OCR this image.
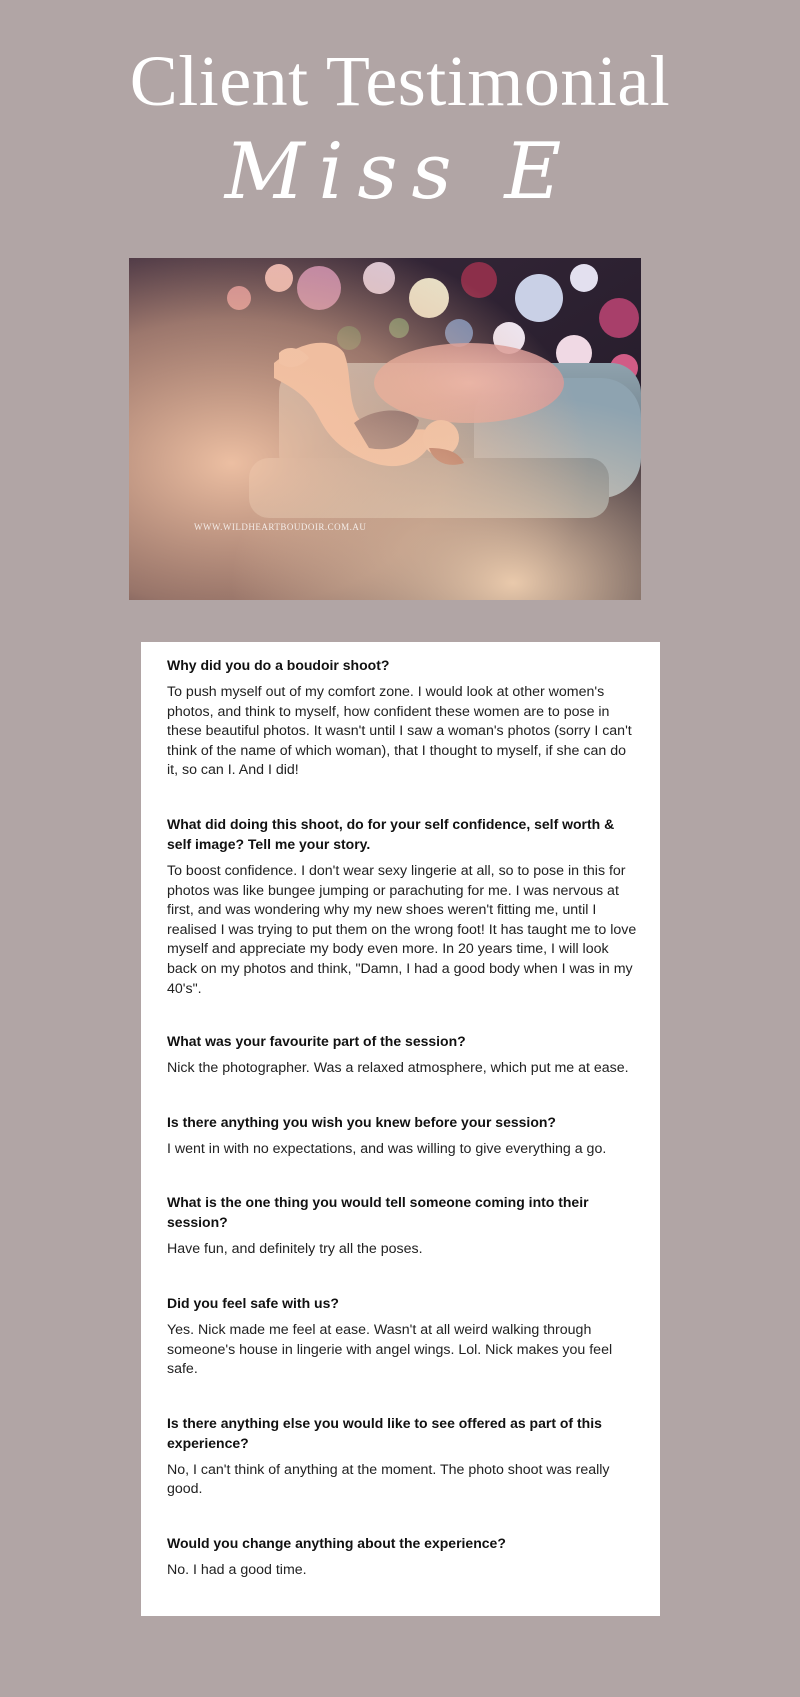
Client Testimonial
Miss E
WWW.WILDHEARTBOUDOIR.COM.AU
Why did you do a boudoir shoot?
To push myself out of my comfort zone. I would look at other women's photos, and think to myself, how confident these women are to pose in these beautiful photos. It wasn't until I saw a woman's photos (sorry I can't think of the name of which woman), that I thought to myself, if she can do it, so can I. And I did!
What did doing this shoot, do for your self confidence, self worth & self image? Tell me your story.
To boost confidence. I don't wear sexy lingerie at all, so to pose in this for photos was like bungee jumping or parachuting for me. I was nervous at first, and was wondering why my new shoes weren't fitting me, until I realised I was trying to put them on the wrong foot! It has taught me to love myself and appreciate my body even more. In 20 years time, I will look back on my photos and think, "Damn, I had a good body when I was in my 40's".
What was your favourite part of the session?
Nick the photographer. Was a relaxed atmosphere, which put me at ease.
Is there anything you wish you knew before your session?
I went in with no expectations, and was willing to give everything a go.
What is the one thing you would tell someone coming into their session?
Have fun, and definitely try all the poses.
Did you feel safe with us?
Yes. Nick made me feel at ease. Wasn't at all weird walking through someone's house in lingerie with angel wings. Lol. Nick makes you feel safe.
Is there anything else you would like to see offered as part of this experience?
No, I can't think of anything at the moment. The photo shoot was really good.
Would you change anything about the experience?
No. I had a good time.
